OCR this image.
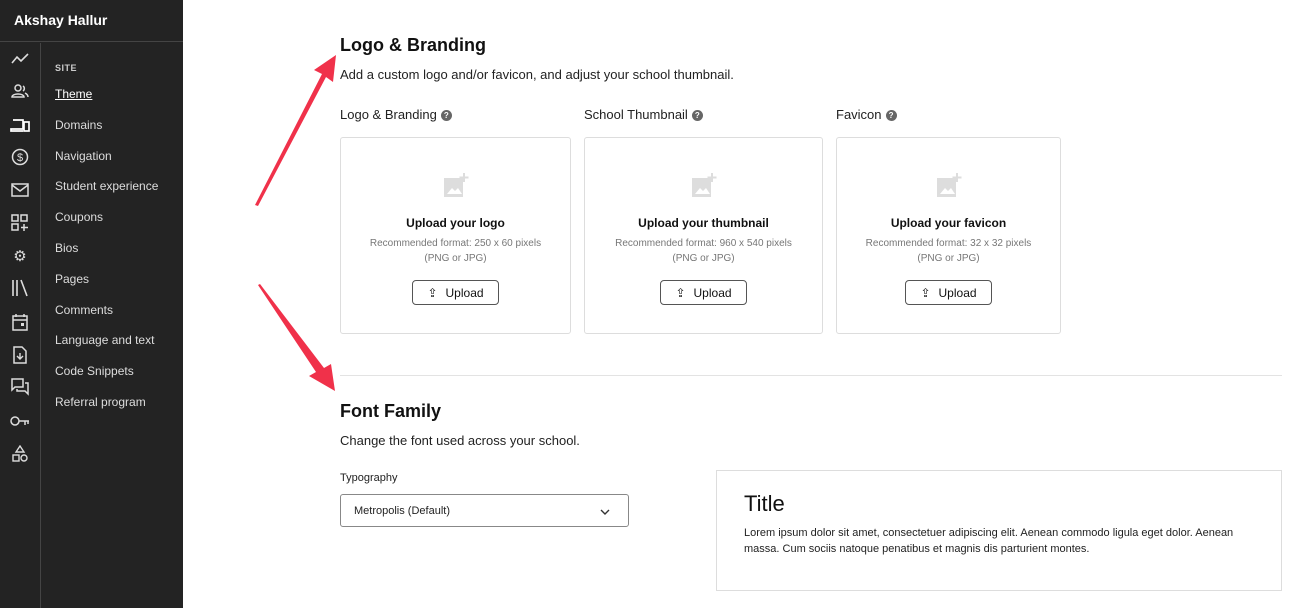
Akshay Hallur
$
⚙
SITE
Theme
Domains
Navigation
Student experience
Coupons
Bios
Pages
Comments
Language and text
Code Snippets
Referral program
Logo & Branding
Add a custom logo and/or favicon, and adjust your school thumbnail.
Logo & Branding ?	School Thumbnail ?	Favicon ?
Upload your logo
Recommended format: 250 x 60 pixels
(PNG or JPG)
⇪ Upload
Upload your thumbnail
Recommended format: 960 x 540 pixels
(PNG or JPG)
⇪ Upload
Upload your favicon
Recommended format: 32 x 32 pixels
(PNG or JPG)
⇪ Upload
Font Family
Change the font used across your school.
Typography
Metropolis (Default)	Title
Lorem ipsum dolor sit amet, consectetuer adipiscing elit. Aenean commodo ligula eget dolor. Aenean massa. Cum sociis natoque penatibus et magnis dis parturient montes.
